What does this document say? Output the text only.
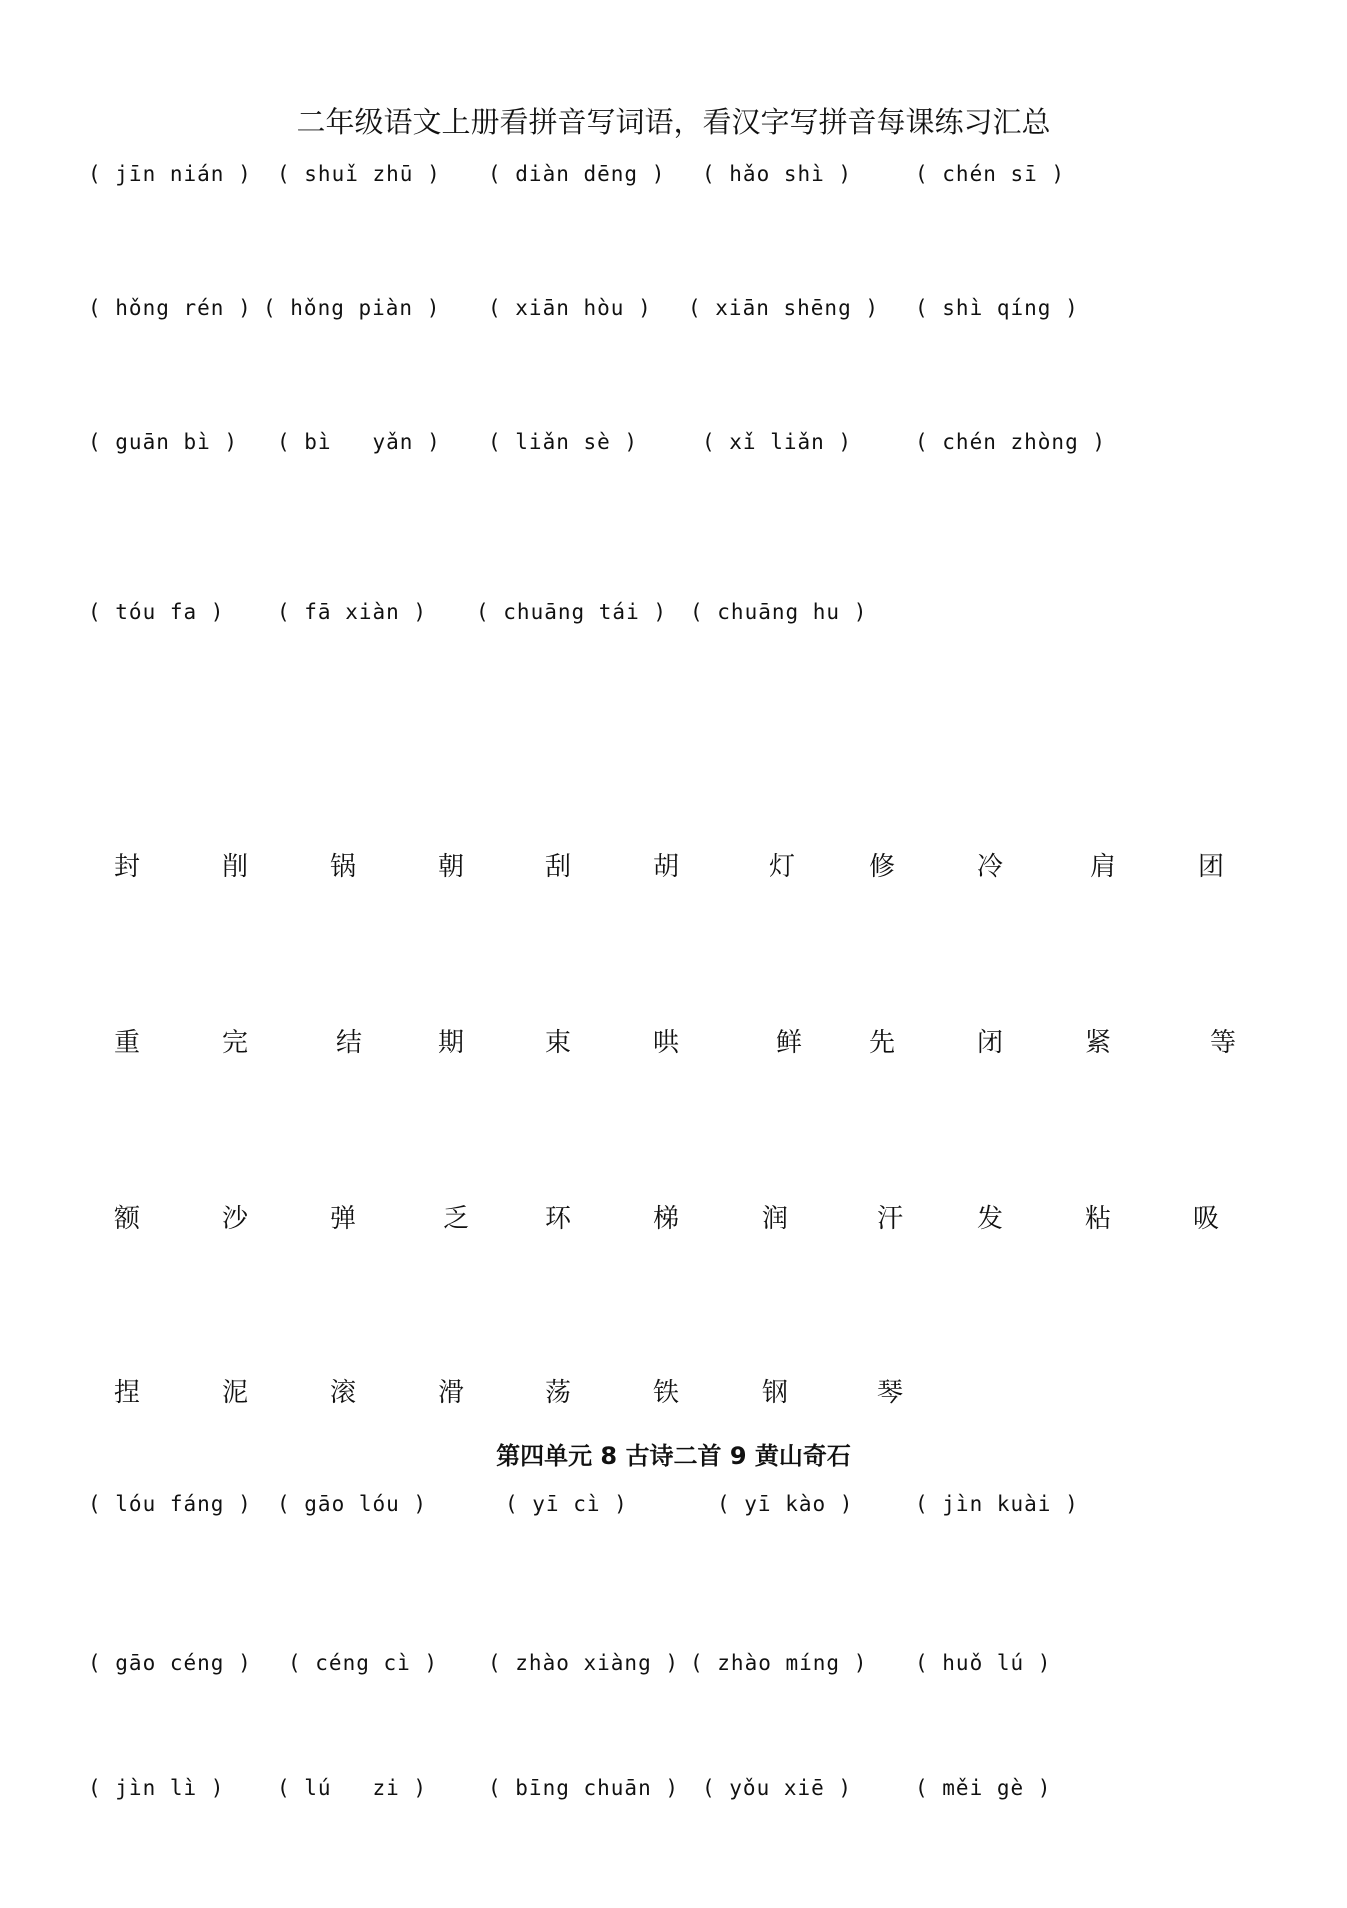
二年级语文上册看拼音写词语，看汉字写拼音每课练习汇总
( jīn nián ) ( shuǐ zhū ) ( diàn dēng ) ( hǎo shì )	( chén sī )
( hǒng rén ) ( hǒng piàn ) ( xiān hòu ) ( xiān shēng ) ( shì qíng )
( guān bì ) ( bì   yǎn ) ( liǎn sè )	( xǐ liǎn )	( chén zhòng )
( tóu fa )	( fā xiàn ) ( chuāng tái ) ( chuāng hu )
封	削	锅	朝	刮	胡	灯	修	冷	肩	团
重	完	结	期	束	哄	鲜	先	闭	紧	等
额	沙	弹	乏	环	梯	润	汗	发	粘	吸
捏	泥	滚	滑	荡	铁	钢	琴
第四单元 8 古诗二首 9 黄山奇石
( lóu fáng ) ( gāo lóu )	( yī cì )	( yī kào )	( jìn kuài )
( gāo céng ) ( céng cì ) ( zhào xiàng ) ( zhào míng ) ( huǒ lú )
( jìn lì )	( lú   zi )	( bīng chuān ) ( yǒu xiē )	( měi gè )
